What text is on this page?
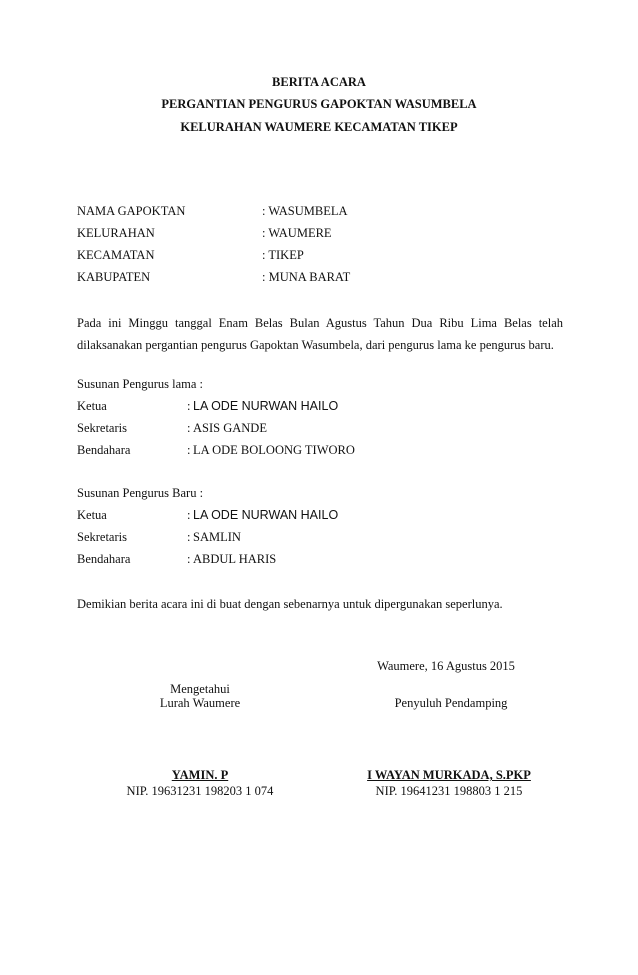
BERITA ACARA
PERGANTIAN PENGURUS GAPOKTAN WASUMBELA
KELURAHAN WAUMERE KECAMATAN TIKEP
NAMA GAPOKTAN	: WASUMBELA
KELURAHAN	: WAUMERE
KECAMATAN	: TIKEP
KABUPATEN	: MUNA BARAT
Pada ini Minggu tanggal Enam Belas Bulan Agustus Tahun Dua Ribu Lima Belas telah
dilaksanakan pergantian pengurus Gapoktan Wasumbela, dari pengurus lama ke pengurus baru.
Susunan Pengurus lama :
Ketua	: LA ODE NURWAN HAILO
Sekretaris	: ASIS GANDE
Bendahara	: LA ODE BOLOONG TIWORO
Susunan Pengurus Baru :
Ketua	: LA ODE NURWAN HAILO
Sekretaris	: SAMLIN
Bendahara	: ABDUL HARIS
Demikian berita acara ini di buat dengan sebenarnya untuk dipergunakan seperlunya.
Waumere, 16 Agustus 2015
Mengetahui
Lurah Waumere
YAMIN. P
NIP. 19631231 198203 1 074
Penyuluh Pendamping
I WAYAN MURKADA, S.PKP
NIP. 19641231 198803 1 215
